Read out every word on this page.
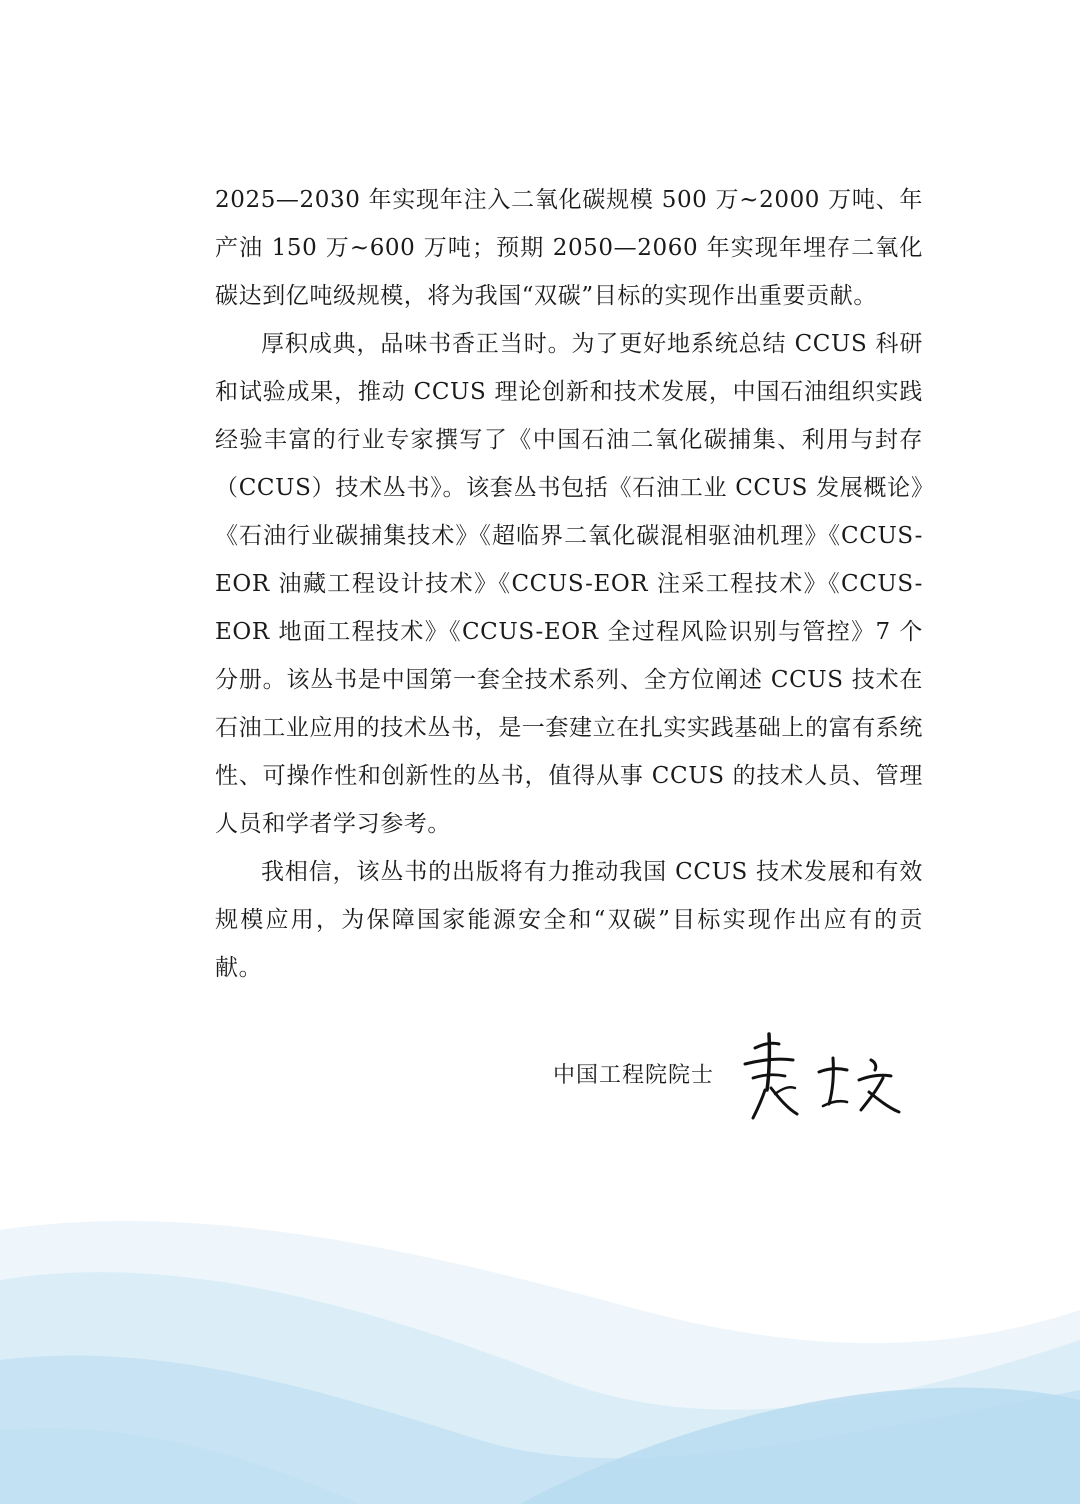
2025—2030 年实现年注入二氧化碳规模 500 万~2000 万吨、年产油 150 万~600 万吨；预期 2050—2060 年实现年埋存二氧化碳达到亿吨级规模，将为我国“双碳”目标的实现作出重要贡献。

厚积成典，品味书香正当时。为了更好地系统总结 CCUS 科研和试验成果，推动 CCUS 理论创新和技术发展，中国石油组织实践经验丰富的行业专家撰写了《中国石油二氧化碳捕集、利用与封存（CCUS）技术丛书》。该套丛书包括《石油工业 CCUS 发展概论》《石油行业碳捕集技术》《超临界二氧化碳混相驱油机理》《CCUS-EOR 油藏工程设计技术》《CCUS-EOR 注采工程技术》《CCUS-EOR 地面工程技术》《CCUS-EOR 全过程风险识别与管控》7 个分册。该丛书是中国第一套全技术系列、全方位阐述 CCUS 技术在石油工业应用的技术丛书，是一套建立在扎实实践基础上的富有系统性、可操作性和创新性的丛书，值得从事 CCUS 的技术人员、管理人员和学者学习参考。

我相信，该丛书的出版将有力推动我国 CCUS 技术发展和有效规模应用，为保障国家能源安全和“双碳”目标实现作出应有的贡献。

中国工程院院士
